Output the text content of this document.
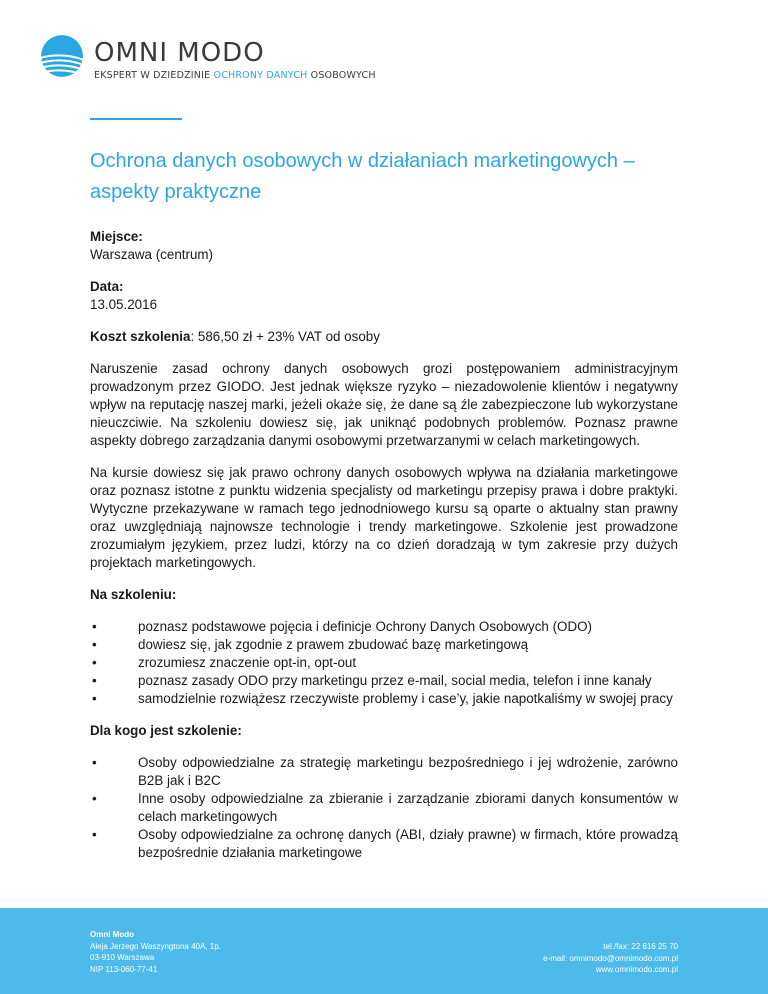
OMNI MODO
EKSPERT W DZIEDZINIE OCHRONY DANYCH OSOBOWYCH
Ochrona danych osobowych w działaniach marketingowych – aspekty praktyczne
Miejsce:
Warszawa (centrum)
Data:
13.05.2016
Koszt szkolenia: 586,50 zł + 23% VAT od osoby

Naruszenie zasad ochrony danych osobowych grozi postępowaniem administracyjnym prowadzonym przez GIODO. Jest jednak większe ryzyko – niezadowolenie klientów i negatywny wpływ na reputację naszej marki, jeżeli okaże się, że dane są źle zabezpieczone lub wykorzystane nieuczciwie. Na szkoleniu dowiesz się, jak uniknąć podobnych problemów. Poznasz prawne aspekty dobrego zarządzania danymi osobowymi przetwarzanymi w celach marketingowych.

Na kursie dowiesz się jak prawo ochrony danych osobowych wpływa na działania marketingowe oraz poznasz istotne z punktu widzenia specjalisty od marketingu przepisy prawa i dobre praktyki. Wytyczne przekazywane w ramach tego jednodniowego kursu są oparte o aktualny stan prawny oraz uwzględniają najnowsze technologie i trendy marketingowe. Szkolenie jest prowadzone zrozumiałym językiem, przez ludzi, którzy na co dzień doradzają w tym zakresie przy dużych projektach marketingowych.

Na szkoleniu:
•	poznasz podstawowe pojęcia i definicje Ochrony Danych Osobowych (ODO)
•	dowiesz się, jak zgodnie z prawem zbudować bazę marketingową
•	zrozumiesz znaczenie opt-in, opt-out
•	poznasz zasady ODO przy marketingu przez e-mail, social media, telefon i inne kanały
•	samodzielnie rozwiążesz rzeczywiste problemy i case’y, jakie napotkaliśmy w swojej pracy
Dla kogo jest szkolenie:
•	Osoby odpowiedzialne za strategię marketingu bezpośredniego i jej wdrożenie, zarówno B2B jak i B2C
•	Inne osoby odpowiedzialne za zbieranie i zarządzanie zbiorami danych konsumentów w celach marketingowych
•	Osoby odpowiedzialne za ochronę danych (ABI, działy prawne) w firmach, które prowadzą bezpośrednie działania marketingowe
Omni Modo
Aleja Jerzego Waszyngtona 40A, 1p.
03-910 Warszawa
NIP 113-060-77-41
tel./fax: 22 616 25 70
e-mail: omnimodo@omnimodo.com.pl
www.omnimodo.com.pl
